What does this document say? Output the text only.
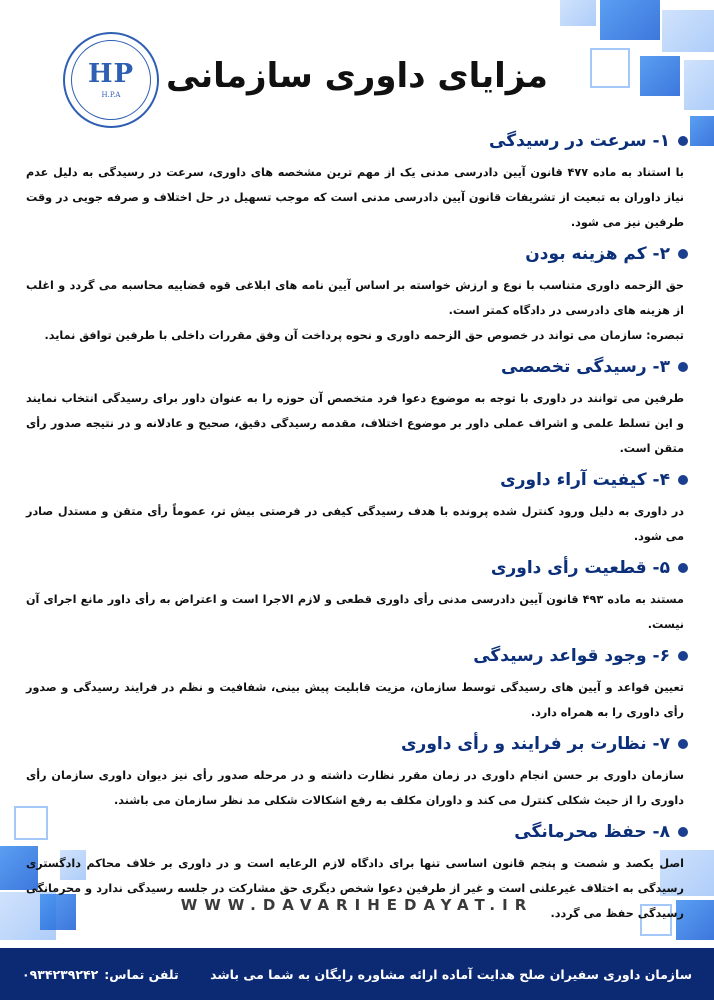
HP
H.P.A	مزایای داوری سازمانی
۱- سرعت در رسیدگی

با استناد به ماده ۴۷۷ قانون آیین دادرسی مدنی یک از مهم ترین مشخصه های داوری، سرعت در رسیدگی به دلیل عدم نیاز داوران به تبعیت از تشریفات قانون آیین دادرسی مدنی است که موجب تسهیل در حل اختلاف و صرفه جویی در وقت طرفین نیز می شود.

۲- کم هزینه بودن

حق الزحمه داوری متناسب با نوع و ارزش خواسته بر اساس آیین نامه های ابلاغی قوه قضاییه محاسبه می گردد و اغلب از هزینه های دادرسی در دادگاه کمتر است.

تبصره: سازمان می تواند در خصوص حق الزحمه داوری و نحوه پرداخت آن وفق مقررات داخلی با طرفین توافق نماید.

۳- رسیدگی تخصصی

طرفین می توانند در داوری با توجه به موضوع دعوا فرد متخصص آن حوزه را به عنوان داور برای رسیدگی انتخاب نمایند و این تسلط علمی و اشراف عملی داور بر موضوع اختلاف، مقدمه رسیدگی دقیق، صحیح و عادلانه و در نتیجه صدور رأی متقن است.

۴- کیفیت آراء داوری

در داوری به دلیل ورود کنترل شده پرونده با هدف رسیدگی کیفی در فرصتی بیش تر، عموماً رأی متقن و مستدل صادر می شود.

۵- قطعیت رأی داوری

مستند به ماده ۴۹۳ قانون آیین دادرسی مدنی رأی داوری قطعی و لازم الاجرا است و اعتراض به رأی داور مانع اجرای آن نیست.

۶- وجود قواعد رسیدگی

تعیین قواعد و آیین های رسیدگی توسط سازمان، مزیت قابلیت پیش بینی، شفافیت و نظم در فرایند رسیدگی و صدور رأی داوری را به همراه دارد.

۷- نظارت بر فرایند و رأی داوری

سازمان داوری بر حسن انجام داوری در زمان مقرر نظارت داشته و در مرحله صدور رأی نیز دیوان داوری سازمان رأی داوری را از حیث شکلی کنترل می کند و داوران مکلف به رفع اشکالات شکلی مد نظر سازمان می باشند.

۸- حفظ محرمانگی

اصل یکصد و شصت و پنجم قانون اساسی تنها برای دادگاه لازم الرعایه است و در داوری بر خلاف محاکم دادگستری رسیدگی به اختلاف غیرعلنی است و غیر از طرفین دعوا شخص دیگری حق مشارکت در جلسه رسیدگی ندارد و محرمانگی رسیدگی حفظ می گردد.

WWW.DAVARIHEDAYAT.IR
سازمان داوری سفیران صلح هدایت آماده ارائه مشاوره رایگان به شما می باشد
تلفن تماس:
۰۹۳۴۲۳۹۲۴۲
